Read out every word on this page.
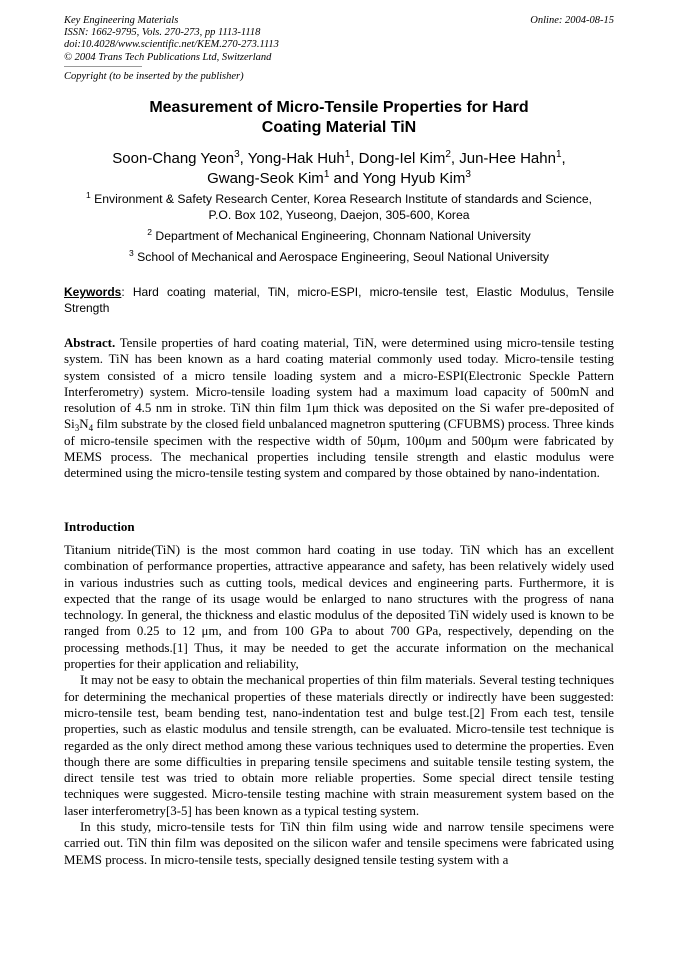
Key Engineering Materials
ISSN: 1662-9795, Vols. 270-273, pp 1113-1118
doi:10.4028/www.scientific.net/KEM.270-273.1113
© 2004 Trans Tech Publications Ltd, Switzerland
Online: 2004-08-15
Copyright (to be inserted by the publisher)
Measurement of Micro-Tensile Properties for Hard
Coating Material TiN
Soon-Chang Yeon$^3$, Yong-Hak Huh$^1$, Dong-Iel Kim$^2$, Jun-Hee Hahn$^1$,
Gwang-Seok Kim$^1$ and Yong Hyub Kim$^3$
$^1$ Environment & Safety Research Center, Korea Research Institute of standards and Science,
P.O. Box 102, Yuseong, Daejon, 305-600, Korea
$^2$ Department of Mechanical Engineering, Chonnam National University
$^3$ School of Mechanical and Aerospace Engineering, Seoul National University
Keywords: Hard coating material, TiN, micro-ESPI, micro-tensile test, Elastic Modulus, Tensile Strength
Abstract. Tensile properties of hard coating material, TiN, were determined using micro-tensile testing system. TiN has been known as a hard coating material commonly used today. Micro-tensile testing system consisted of a micro tensile loading system and a micro-ESPI(Electronic Speckle Pattern Interferometry) system. Micro-tensile loading system had a maximum load capacity of 500mN and resolution of 4.5 nm in stroke. TiN thin film 1μm thick was deposited on the Si wafer pre-deposited of $Si_3N_4$ film substrate by the closed field unbalanced magnetron sputtering (CFUBMS) process. Three kinds of micro-tensile specimen with the respective width of 50μm, 100μm and 500μm were fabricated by MEMS process. The mechanical properties including tensile strength and elastic modulus were determined using the micro-tensile testing system and compared by those obtained by nano-indentation.
Introduction

Titanium nitride(TiN) is the most common hard coating in use today. TiN which has an excellent combination of performance properties, attractive appearance and safety, has been relatively widely used in various industries such as cutting tools, medical devices and engineering parts. Furthermore, it is expected that the range of its usage would be enlarged to nano structures with the progress of nana technology. In general, the thickness and elastic modulus of the deposited TiN widely used is known to be ranged from 0.25 to 12 μm, and from 100 GPa to about 700 GPa, respectively, depending on the processing methods.[1] Thus, it may be needed to get the accurate information on the mechanical properties for their application and reliability,

It may not be easy to obtain the mechanical properties of thin film materials. Several testing techniques for determining the mechanical properties of these materials directly or indirectly have been suggested: micro-tensile test, beam bending test, nano-indentation test and bulge test.[2] From each test, tensile properties, such as elastic modulus and tensile strength, can be evaluated. Micro-tensile test technique is regarded as the only direct method among these various techniques used to determine the properties. Even though there are some difficulties in preparing tensile specimens and suitable tensile testing system, the direct tensile test was tried to obtain more reliable properties. Some special direct tensile testing techniques were suggested. Micro-tensile testing machine with strain measurement system based on the laser interferometry[3-5] has been known as a typical testing system.

In this study, micro-tensile tests for TiN thin film using wide and narrow tensile specimens were carried out. TiN thin film was deposited on the silicon wafer and tensile specimens were fabricated using MEMS process. In micro-tensile tests, specially designed tensile testing system with a
